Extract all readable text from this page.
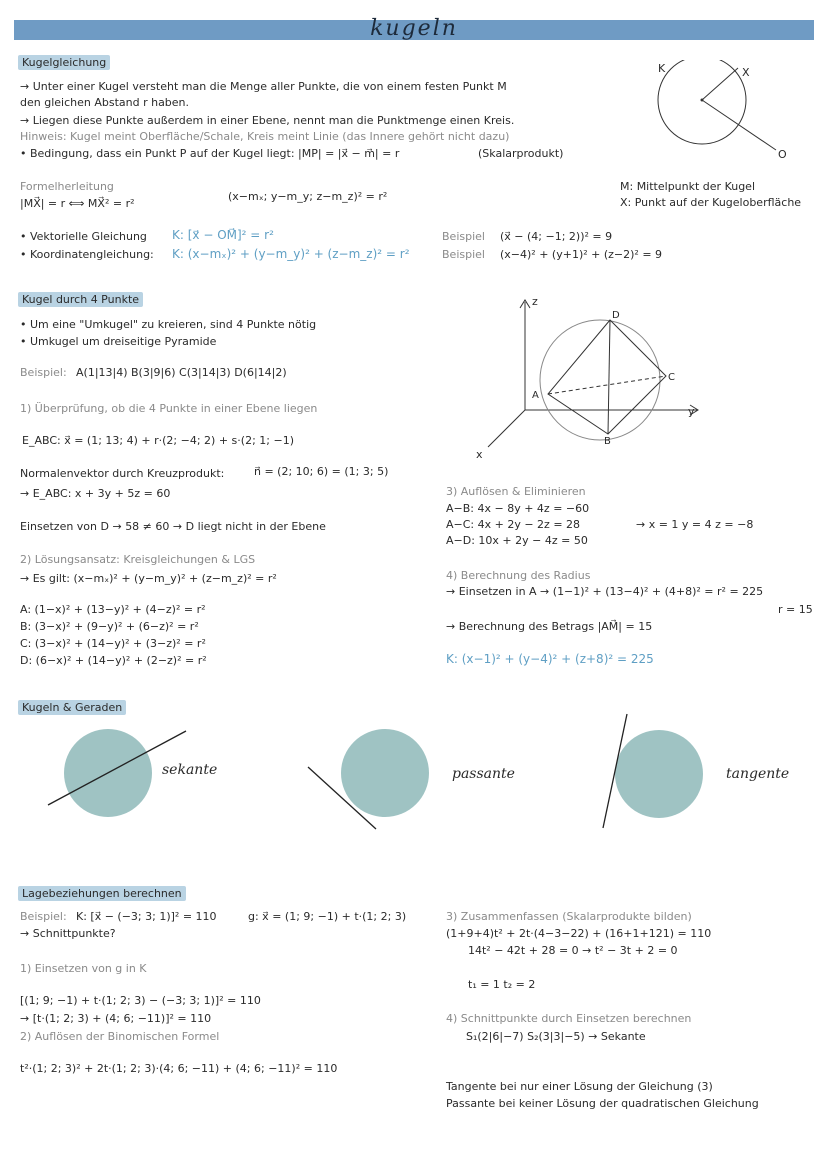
kugeln
Kugelgleichung
→ Unter einer Kugel versteht man die Menge aller Punkte, die von einem festen Punkt M
den gleichen Abstand r haben.
→ Liegen diese Punkte außerdem in einer Ebene, nennt man die Punktmenge einen Kreis.
Hinweis: Kugel meint Oberfläche/Schale, Kreis meint Linie (das Innere gehört nicht dazu)
• Bedingung, dass ein Punkt P auf der Kugel liegt: |MP| = |x⃗ − m⃗| = r	(Skalarprodukt)
K	X
O
Formelherleitung
|MX⃗| = r ⟺ MX⃗² = r²
(x−mₓ; y−m_y; z−m_z)² = r²
M: Mittelpunkt der Kugel
X: Punkt auf der Kugeloberfläche
• Vektorielle Gleichung K: [x⃗ − OM⃗]² = r²
• Koordinatengleichung: K: (x−mₓ)² + (y−m_y)² + (z−m_z)² = r²
Beispiel (x⃗ − (4; −1; 2))² = 9
Beispiel (x−4)² + (y+1)² + (z−2)² = 9
Kugel durch 4 Punkte
• Um eine "Umkugel" zu kreieren, sind 4 Punkte nötig
• Umkugel um dreiseitige Pyramide
Beispiel: A(1|13|4) B(3|9|6) C(3|14|3) D(6|14|2)
1) Überprüfung, ob die 4 Punkte in einer Ebene liegen
E_ABC: x⃗ = (1; 13; 4) + r·(2; −4; 2) + s·(2; 1; −1)
Normalenvektor durch Kreuzprodukt:	n⃗ = (2; 10; 6) = (1; 3; 5)
→ E_ABC: x + 3y + 5z = 60
Einsetzen von D → 58 ≠ 60 → D liegt nicht in der Ebene
2) Lösungsansatz: Kreisgleichungen & LGS
→ Es gilt: (x−mₓ)² + (y−m_y)² + (z−m_z)² = r²
A: (1−x)² + (13−y)² + (4−z)² = r²
B: (3−x)² + (9−y)² + (6−z)² = r²
C: (3−x)² + (14−y)² + (3−z)² = r²
D: (6−x)² + (14−y)² + (2−z)² = r²
z
y
x
D
A
C
B
3) Auflösen & Eliminieren
A−B: 4x − 8y + 4z = −60
A−C: 4x + 2y − 2z = 28
A−D: 10x + 2y − 4z = 50
→ x = 1 y = 4 z = −8
4) Berechnung des Radius
→ Einsetzen in A → (1−1)² + (13−4)² + (4+8)² = r² = 225
r = 15
→ Berechnung des Betrags |AM⃗| = 15
K: (x−1)² + (y−4)² + (z+8)² = 225
Kugeln & Geraden
sekante	passante	tangente
Lagebeziehungen berechnen
Beispiel: K: [x⃗ − (−3; 3; 1)]² = 110	g: x⃗ = (1; 9; −1) + t·(1; 2; 3)
→ Schnittpunkte?
1) Einsetzen von g in K
[(1; 9; −1) + t·(1; 2; 3) − (−3; 3; 1)]² = 110
→ [t·(1; 2; 3) + (4; 6; −11)]² = 110
2) Auflösen der Binomischen Formel
t²·(1; 2; 3)² + 2t·(1; 2; 3)·(4; 6; −11) + (4; 6; −11)² = 110
3) Zusammenfassen (Skalarprodukte bilden)
(1+9+4)t² + 2t·(4−3−22) + (16+1+121) = 110
14t² − 42t + 28 = 0 → t² − 3t + 2 = 0
t₁ = 1 t₂ = 2
4) Schnittpunkte durch Einsetzen berechnen
S₁(2|6|−7) S₂(3|3|−5) → Sekante
Tangente bei nur einer Lösung der Gleichung (3)
Passante bei keiner Lösung der quadratischen Gleichung
